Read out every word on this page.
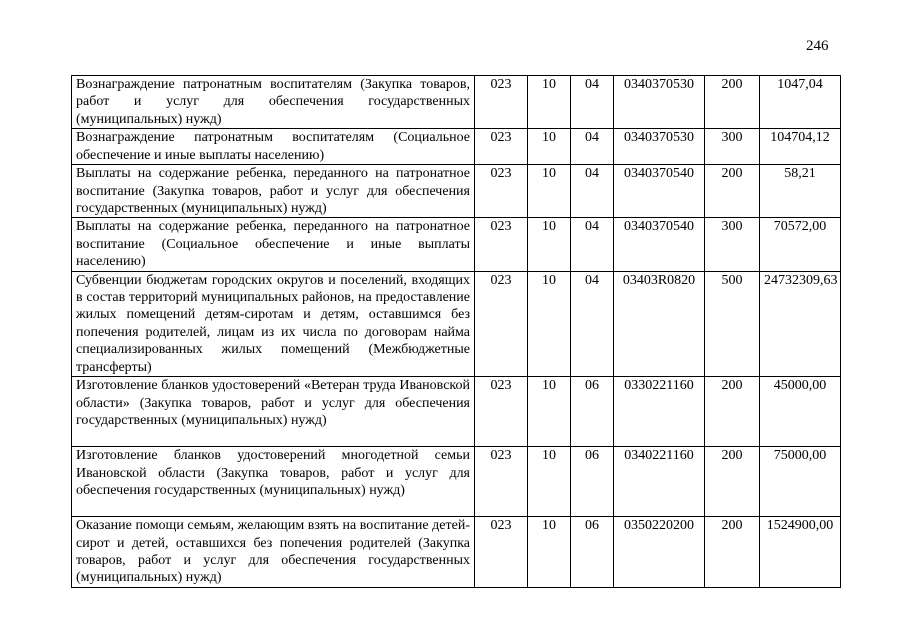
246
Вознаграждение патронатным воспитателям (Закупка товаров, работ и услуг для обеспечения государственных (муниципальных) нужд)	023	10	04	0340370530	200	1047,04
Вознаграждение патронатным воспитателям (Социальное обеспечение и иные выплаты населению)	023	10	04	0340370530	300	104704,12
Выплаты на содержание ребенка, переданного на патронатное воспитание (Закупка товаров, работ и услуг для обеспечения государственных (муниципальных) нужд)	023	10	04	0340370540	200	58,21
Выплаты на содержание ребенка, переданного на патронатное воспитание (Социальное обеспечение и иные выплаты населению)	023	10	04	0340370540	300	70572,00
Субвенции бюджетам городских округов и поселений, входящих в состав территорий муниципальных районов, на предоставление жилых помещений детям-сиротам и детям, оставшимся без попечения родителей, лицам из их числа по договорам найма специализированных жилых помещений (Межбюджетные трансферты)	023	10	04	03403R0820	500	24732309,63
Изготовление бланков удостоверений «Ветеран труда Ивановской области» (Закупка товаров, работ и услуг для обеспечения государственных (муниципальных) нужд)	023	10	06	0330221160	200	45000,00
Изготовление бланков удостоверений многодетной семьи Ивановской области (Закупка товаров, работ и услуг для обеспечения государственных (муниципальных) нужд)	023	10	06	0340221160	200	75000,00
Оказание помощи семьям, желающим взять на воспитание детей-сирот и детей, оставшихся без попечения родителей (Закупка товаров, работ и услуг для обеспечения государственных (муниципальных) нужд)	023	10	06	0350220200	200	1524900,00
